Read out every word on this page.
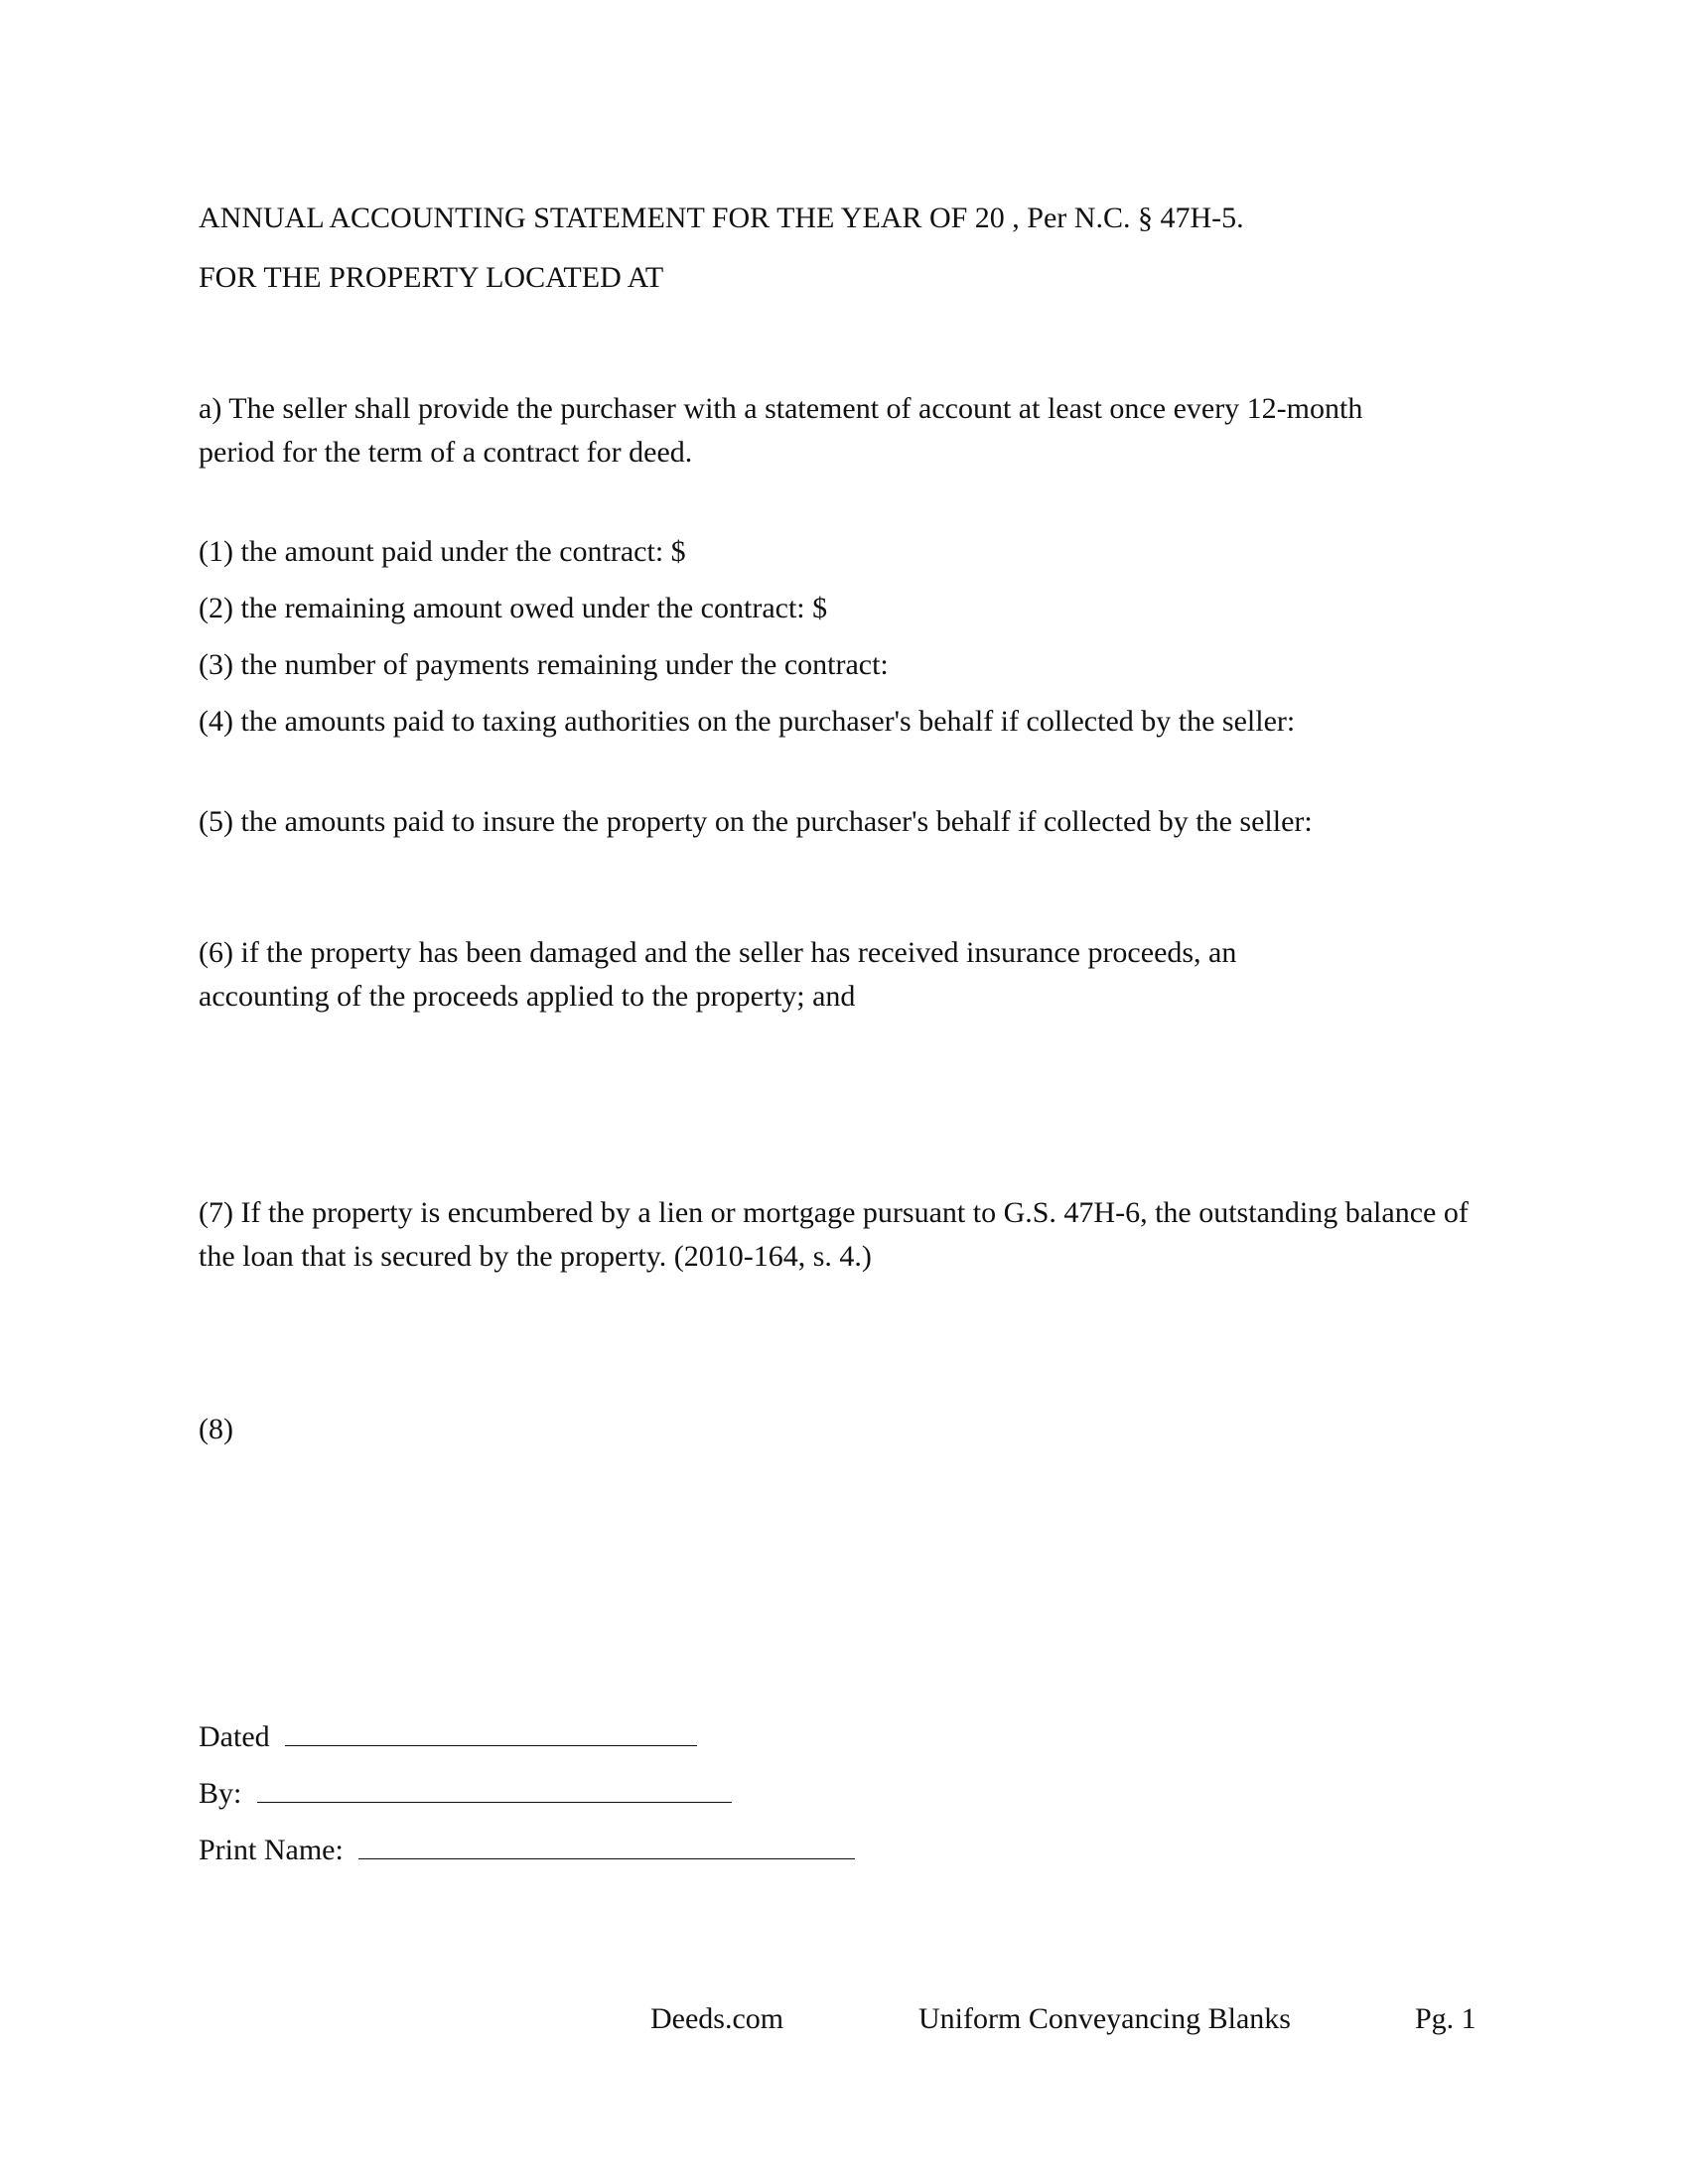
ANNUAL ACCOUNTING STATEMENT FOR THE YEAR OF 20 , Per N.C. § 47H-5.

FOR THE PROPERTY LOCATED AT

a) The seller shall provide the purchaser with a statement of account at least once every 12-month period for the term of a contract for deed.

(1) the amount paid under the contract: $

(2) the remaining amount owed under the contract: $

(3) the number of payments remaining under the contract:

(4) the amounts paid to taxing authorities on the purchaser's behalf if collected by the seller:

(5) the amounts paid to insure the property on the purchaser's behalf if collected by the seller:

(6) if the property has been damaged and the seller has received insurance proceeds, an accounting of the proceeds applied to the property; and

(7) If the property is encumbered by a lien or mortgage pursuant to G.S. 47H-6, the outstanding balance of the loan that is secured by the property. (2010-164, s. 4.)

(8)

Dated
By:
Print Name:
Deeds.com	Uniform Conveyancing Blanks	Pg. 1
